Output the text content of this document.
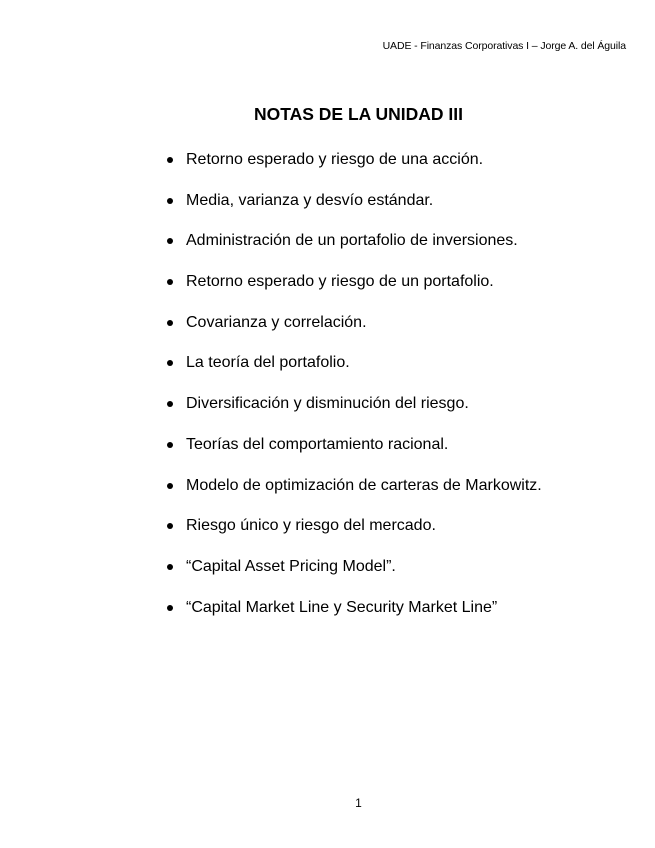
UADE - Finanzas Corporativas I – Jorge A. del Águila
NOTAS DE LA UNIDAD III
Retorno esperado y riesgo de una acción.
Media, varianza y desvío estándar.
Administración de un portafolio de inversiones.
Retorno esperado y riesgo de un portafolio.
Covarianza y correlación.
La teoría del portafolio.
Diversificación y disminución del riesgo.
Teorías del comportamiento racional.
Modelo de optimización de carteras de Markowitz.
Riesgo único y riesgo del mercado.
“Capital Asset Pricing Model”.
“Capital Market Line y Security Market Line”
1
